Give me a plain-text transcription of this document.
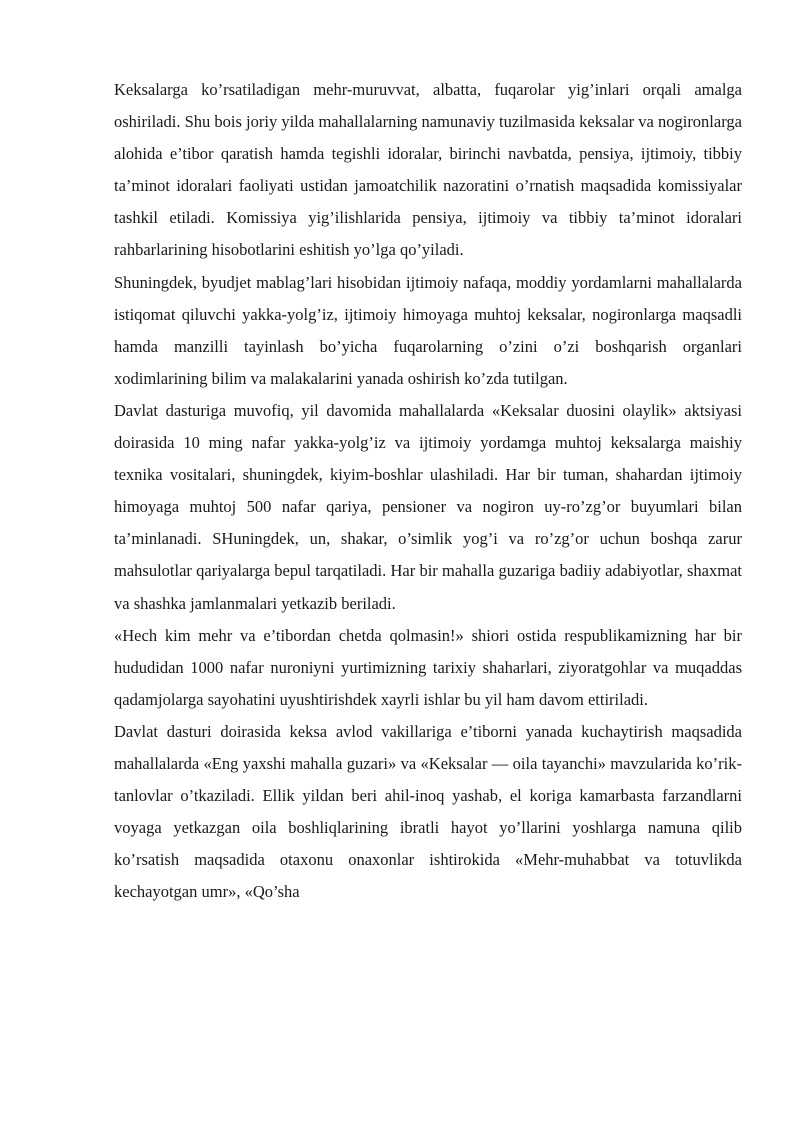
Keksalarga ko’rsatiladigan mehr-muruvvat, albatta, fuqarolar yig’inlari orqali amalga oshiriladi. Shu bois joriy yilda mahallalarning namunaviy tuzilmasida keksalar va nogironlarga alohida e’tibor qaratish hamda tegishli idoralar, birinchi navbatda, pensiya, ijtimoiy, tibbiy ta’minot idoralari faoliyati ustidan jamoatchilik nazoratini o’rnatish maqsadida komissiyalar tashkil etiladi. Komissiya yig’ilishlarida pensiya, ijtimoiy va tibbiy ta’minot idoralari rahbarlarining hisobotlarini eshitish yo’lga qo’yiladi.

Shuningdek, byudjet mablag’lari hisobidan ijtimoiy nafaqa, moddiy yordamlarni mahallalarda istiqomat qiluvchi yakka-yolg’iz, ijtimoiy himoyaga muhtoj keksalar, nogironlarga maqsadli hamda manzilli tayinlash bo’yicha fuqarolarning o’zini o’zi boshqarish organlari xodimlarining bilim va malakalarini yanada oshirish ko’zda tutilgan.

Davlat dasturiga muvofiq, yil davomida mahallalarda «Keksalar duosini olaylik» aktsiyasi doirasida 10 ming nafar yakka-yolg’iz va ijtimoiy yordamga muhtoj keksalarga maishiy texnika vositalari, shuningdek, kiyim-boshlar ulashiladi. Har bir tuman, shahardan ijtimoiy himoyaga muhtoj 500 nafar qariya, pensioner va nogiron uy-ro’zg’or buyumlari bilan ta’minlanadi. SHuningdek, un, shakar, o’simlik yog’i va ro’zg’or uchun boshqa zarur mahsulotlar qariyalarga bepul tarqatiladi. Har bir mahalla guzariga badiiy adabiyotlar, shaxmat va shashka jamlanmalari yetkazib beriladi.

«Hech kim mehr va e’tibordan chetda qolmasin!» shiori ostida respublikamizning har bir hududidan 1000 nafar nuroniyni yurtimizning tarixiy shaharlari, ziyoratgohlar va muqaddas qadamjolarga sayohatini uyushtirishdek xayrli ishlar bu yil ham davom ettiriladi.

Davlat dasturi doirasida keksa avlod vakillariga e’tiborni yanada kuchaytirish maqsadida mahallalarda «Eng yaxshi mahalla guzari» va «Keksalar — oila tayanchi» mavzularida ko’rik-tanlovlar o’tkaziladi. Ellik yildan beri ahil-inoq yashab, el koriga kamarbasta farzandlarni voyaga yetkazgan oila boshliqlarining ibratli hayot yo’llarini yoshlarga namuna qilib ko’rsatish maqsadida otaxonu onaxonlar ishtirokida «Mehr-muhabbat va totuvlikda kechayotgan umr», «Qo’sha
